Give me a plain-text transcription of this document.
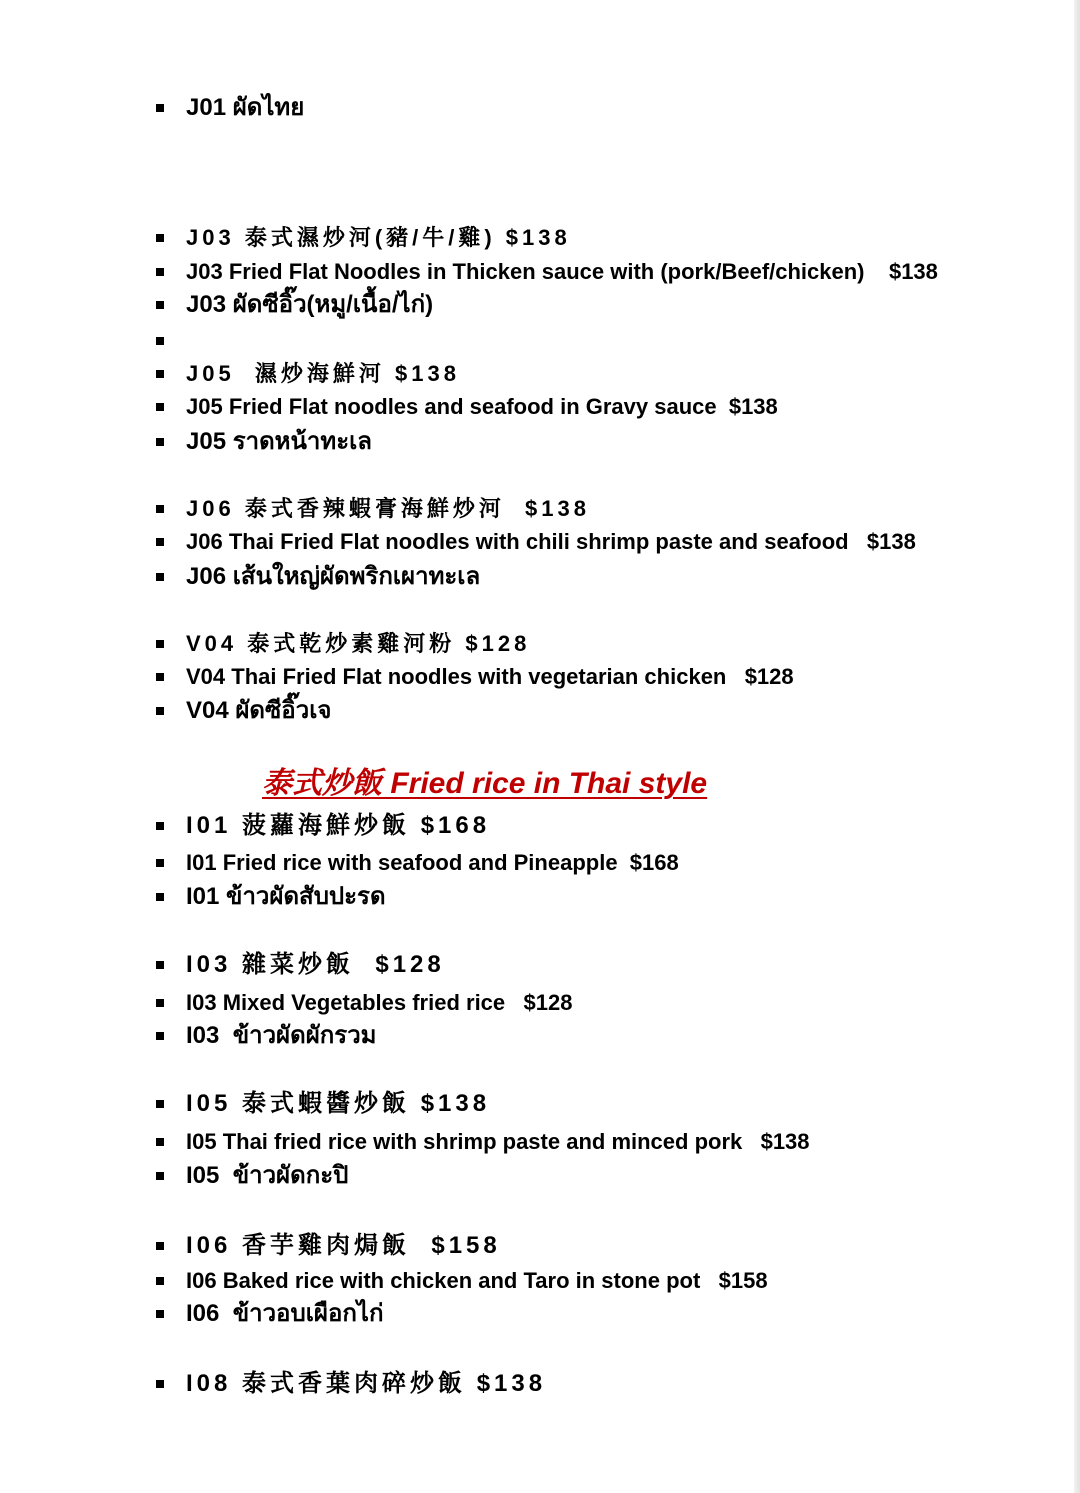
J01 ผัดไทย
J03 泰式濕炒河(豬/牛/雞) $138
J03 Fried Flat Noodles in Thicken sauce with (pork/Beef/chicken)    $138
J03 ผัดซีอิ๊ว(หมู/เนื้อ/ไก่)
J05  濕炒海鮮河 $138
J05 Fried Flat noodles and seafood in Gravy sauce  $138
J05 ราดหน้าทะเล
J06 泰式香辣蝦膏海鮮炒河  $138
J06 Thai Fried Flat noodles with chili shrimp paste and seafood   $138
J06 เส้นใหญ่ผัดพริกเผาทะเล
V04 泰式乾炒素雞河粉 $128
V04 Thai Fried Flat noodles with vegetarian chicken   $128
V04 ผัดซีอิ๊วเจ
泰式炒飯 Fried rice in Thai style
I01 菠蘿海鮮炒飯 $168
I01 Fried rice with seafood and Pineapple  $168
I01 ข้าวผัดสับปะรด
I03 雜菜炒飯  $128
I03 Mixed Vegetables fried rice   $128
I03  ข้าวผัดผักรวม
I05 泰式蝦醬炒飯 $138
I05 Thai fried rice with shrimp paste and minced pork   $138
I05  ข้าวผัดกะปิ
I06 香芋雞肉焗飯  $158
I06 Baked rice with chicken and Taro in stone pot   $158
I06  ข้าวอบเผือกไก่
I08 泰式香葉肉碎炒飯 $138
